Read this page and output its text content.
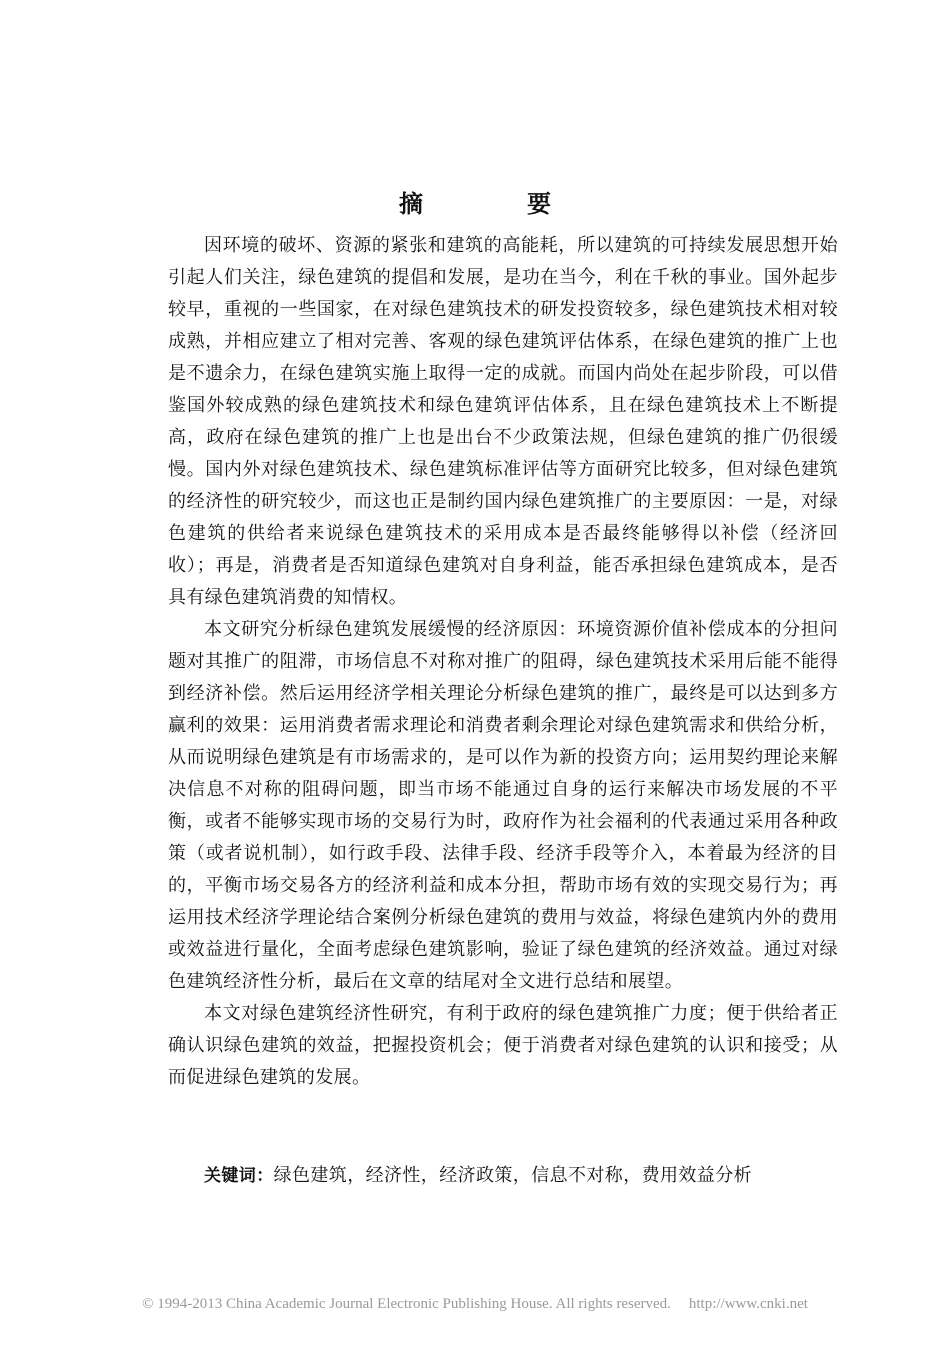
摘　要

因环境的破坏、资源的紧张和建筑的高能耗，所以建筑的可持续发展思想开始引起人们关注，绿色建筑的提倡和发展，是功在当今，利在千秋的事业。国外起步较早，重视的一些国家，在对绿色建筑技术的研发投资较多，绿色建筑技术相对较成熟，并相应建立了相对完善、客观的绿色建筑评估体系，在绿色建筑的推广上也是不遗余力，在绿色建筑实施上取得一定的成就。而国内尚处在起步阶段，可以借鉴国外较成熟的绿色建筑技术和绿色建筑评估体系，且在绿色建筑技术上不断提高，政府在绿色建筑的推广上也是出台不少政策法规，但绿色建筑的推广仍很缓慢。国内外对绿色建筑技术、绿色建筑标准评估等方面研究比较多，但对绿色建筑的经济性的研究较少，而这也正是制约国内绿色建筑推广的主要原因：一是，对绿色建筑的供给者来说绿色建筑技术的采用成本是否最终能够得以补偿（经济回收）；再是，消费者是否知道绿色建筑对自身利益，能否承担绿色建筑成本，是否具有绿色建筑消费的知情权。

本文研究分析绿色建筑发展缓慢的经济原因：环境资源价值补偿成本的分担问题对其推广的阻滞，市场信息不对称对推广的阻碍，绿色建筑技术采用后能不能得到经济补偿。然后运用经济学相关理论分析绿色建筑的推广，最终是可以达到多方赢利的效果：运用消费者需求理论和消费者剩余理论对绿色建筑需求和供给分析，从而说明绿色建筑是有市场需求的，是可以作为新的投资方向；运用契约理论来解决信息不对称的阻碍问题，即当市场不能通过自身的运行来解决市场发展的不平衡，或者不能够实现市场的交易行为时，政府作为社会福利的代表通过采用各种政策（或者说机制），如行政手段、法律手段、经济手段等介入，本着最为经济的目的，平衡市场交易各方的经济利益和成本分担，帮助市场有效的实现交易行为；再运用技术经济学理论结合案例分析绿色建筑的费用与效益，将绿色建筑内外的费用或效益进行量化，全面考虑绿色建筑影响，验证了绿色建筑的经济效益。通过对绿色建筑经济性分析，最后在文章的结尾对全文进行总结和展望。

本文对绿色建筑经济性研究，有利于政府的绿色建筑推广力度；便于供给者正确认识绿色建筑的效益，把握投资机会；便于消费者对绿色建筑的认识和接受；从而促进绿色建筑的发展。

关键词：绿色建筑，经济性，经济政策，信息不对称，费用效益分析
© 1994-2013 China Academic Journal Electronic Publishing House. All rights reserved. http://www.cnki.net
